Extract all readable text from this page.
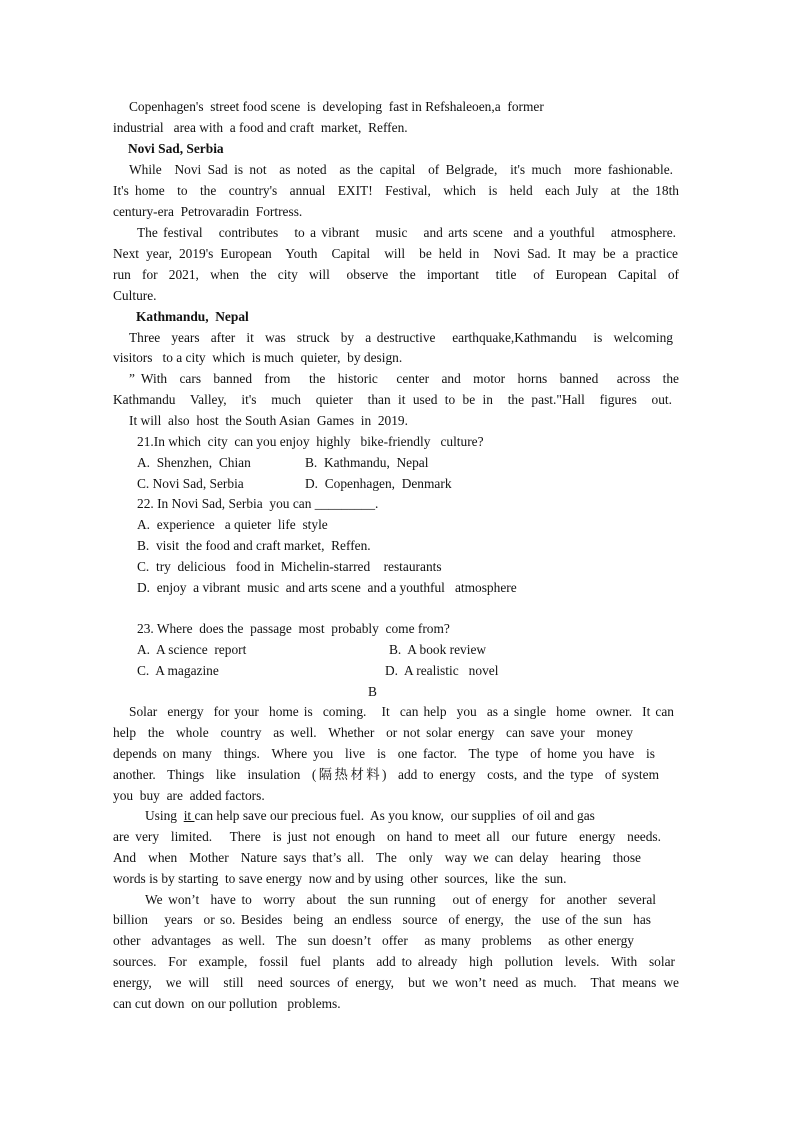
Copenhagen's  street food scene  is  developing  fast in Refshaleoen,a  former
industrial   area with  a food and craft  market,  Reffen.
Novi Sad, Serbia
While  Novi Sad is not  as noted  as the capital  of Belgrade,  it's much  more fashionable.
It's home  to  the  country's  annual  EXIT!  Festival,  which  is  held  each July  at  the 18th
century-era  Petrovaradin  Fortress.
The festival   contributes   to a vibrant   music   and arts scene  and a youthful   atmosphere.
Next year, 2019's European  Youth  Capital  will  be held in  Novi Sad. It may be a practice
run  for  2021,  when  the  city  will   observe  the  important   title   of  European  Capital  of
Culture.
Kathmandu,  Nepal
Three  years  after  it  was  struck  by  a destructive   earthquake,Kathmandu   is  welcoming
visitors   to a city  which  is much  quieter,  by design.
” With  cars  banned  from   the  historic   center  and  motor  horns  banned   across  the
Kathmandu  Valley,  it's  much  quieter  than it used to be in  the past."Hall  figures  out.
It will  also  host  the South Asian  Games  in  2019.
21.In which  city  can you enjoy  highly   bike-friendly   culture?
A.  Shenzhen,  Chian	B.  Kathmandu,  Nepal
C. Novi Sad, Serbia	D.  Copenhagen,  Denmark
22. In Novi Sad, Serbia  you can _________.
A.  experience   a quieter  life  style
B.  visit  the food and craft market,  Reffen.
C.  try  delicious   food in  Michelin-starred    restaurants
D.  enjoy  a vibrant  music  and arts scene  and a youthful   atmosphere
23. Where  does the  passage  most  probably  come from?
A.  A science  report	B.  A book review
C.  A magazine	D.  A realistic   novel
B
Solar  energy  for your  home is  coming.   It  can help  you  as a single  home  owner.  It can
help  the  whole  country  as well.  Whether  or not solar energy  can save your  money
depends on many  things.  Where you  live  is  one factor.  The type  of home you have  is
another.  Things  like  insulation  (隔热材料)  add to energy  costs, and the type  of system
you  buy  are  added factors.
Using  it can help save our precious fuel.  As you know,  our supplies  of oil and gas
are very  limited.   There  is just not enough  on hand to meet all  our future  energy  needs.
And  when  Mother  Nature says that’s all.  The  only  way we can delay  hearing  those
words is by starting  to save energy  now and by using  other  sources,  like  the  sun.
We won’t  have to  worry  about  the sun running   out of energy  for  another  several
billion   years  or so. Besides  being  an endless  source  of energy,  the  use of the sun  has
other  advantages  as well.  The  sun doesn’t  offer   as many  problems   as other energy
sources.  For  example,  fossil  fuel  plants  add to already  high  pollution  levels.  With  solar
energy,  we will  still  need sources of energy,  but we won’t need as much.  That means we
can cut down  on our pollution   problems.
